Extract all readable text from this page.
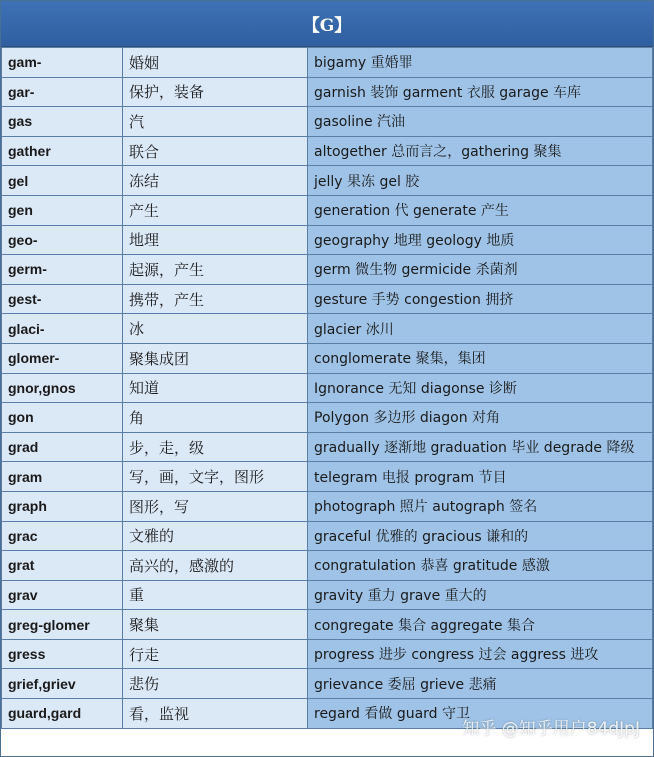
【G】
gam-	婚姻	bigamy 重婚罪
gar-	保护，装备	garnish 装饰 garment 衣服 garage 车库
gas	汽	gasoline 汽油
gather	联合	altogether 总而言之，gathering 聚集
gel	冻结	jelly 果冻 gel 胶
gen	产生	generation 代 generate 产生
geo-	地理	geography 地理 geology 地质
germ-	起源，产生	germ 微生物 germicide 杀菌剂
gest-	携带，产生	gesture 手势 congestion 拥挤
glaci-	冰	glacier 冰川
glomer-	聚集成团	conglomerate 聚集，集团
gnor,gnos	知道	Ignorance 无知 diagonse 诊断
gon	角	Polygon 多边形 diagon 对角
grad	步，走，级	gradually 逐渐地 graduation 毕业 degrade 降级
gram	写，画，文字，图形	telegram 电报 program 节目
graph	图形，写	photograph 照片 autograph 签名
grac	文雅的	graceful 优雅的 gracious 谦和的
grat	高兴的，感激的	congratulation 恭喜 gratitude 感激
grav	重	gravity 重力 grave 重大的
greg-glomer	聚集	congregate 集合 aggregate 集合
gress	行走	progress 进步 congress 过会 aggress 进攻
grief,griev	悲伤	grievance 委屈 grieve 悲痛
guard,gard	看，监视	regard 看做 guard 守卫
知乎 @知乎用户84dJpJ
